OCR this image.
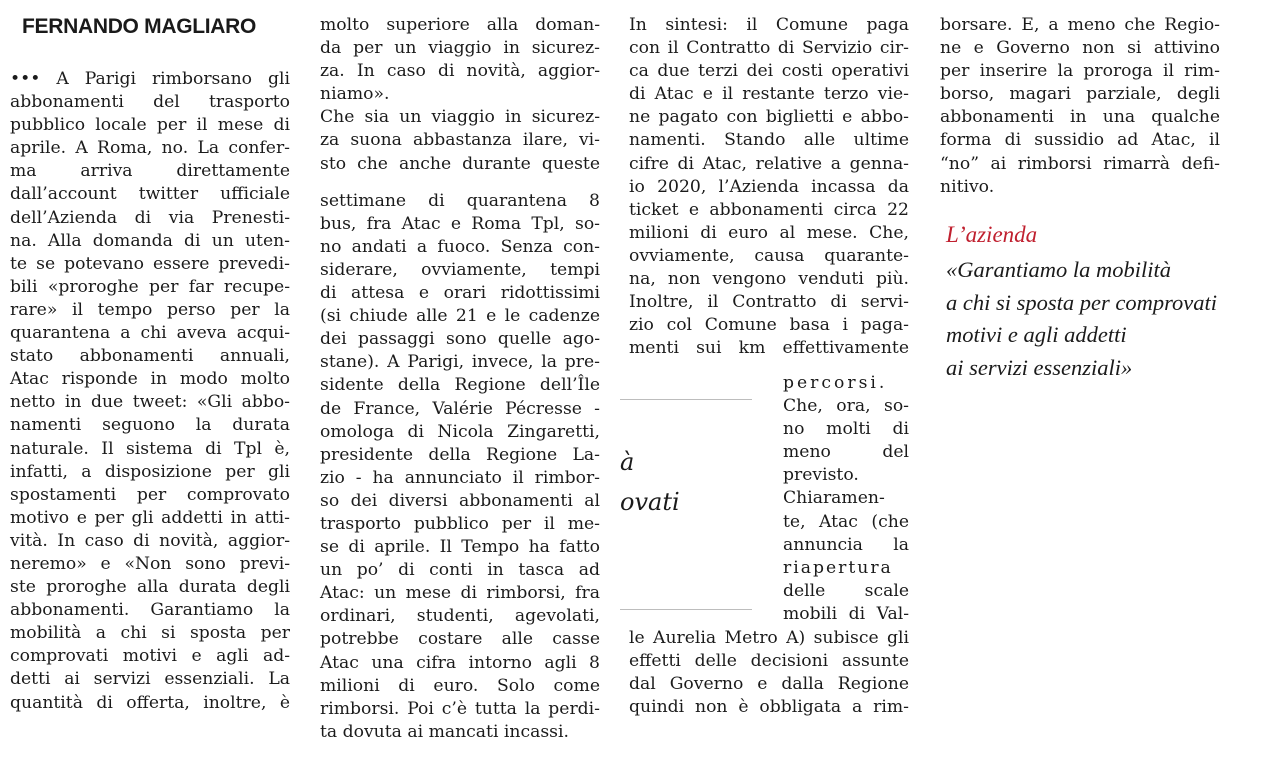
FERNANDO MAGLIARO
••• A Parigi rimborsano gli
abbonamenti del trasporto
pubblico locale per il mese di
aprile. A Roma, no. La confer-
ma arriva direttamente
dall’account twitter ufficiale
dell’Azienda di via Prenesti-
na. Alla domanda di un uten-
te se potevano essere prevedi-
bili «proroghe per far recupe-
rare» il tempo perso per la
quarantena a chi aveva acqui-
stato abbonamenti annuali,
Atac risponde in modo molto
netto in due tweet: «Gli abbo-
namenti seguono la durata
naturale. Il sistema di Tpl è,
infatti, a disposizione per gli
spostamenti per comprovato
motivo e per gli addetti in atti-
vità. In caso di novità, aggior-
neremo» e «Non sono previ-
ste proroghe alla durata degli
abbonamenti. Garantiamo la
mobilità a chi si sposta per
comprovati motivi e agli ad-
detti ai servizi essenziali. La
quantità di offerta, inoltre, è
molto superiore alla doman-
da per un viaggio in sicurez-
za. In caso di novità, aggior-
niamo».
Che sia un viaggio in sicurez-
za suona abbastanza ilare, vi-
sto che anche durante queste
settimane di quarantena 8
bus, fra Atac e Roma Tpl, so-
no andati a fuoco. Senza con-
siderare, ovviamente, tempi
di attesa e orari ridottissimi
(si chiude alle 21 e le cadenze
dei passaggi sono quelle ago-
stane). A Parigi, invece, la pre-
sidente della Regione dell’Île
de France, Valérie Pécresse -
omologa di Nicola Zingaretti,
presidente della Regione La-
zio - ha annunciato il rimbor-
so dei diversi abbonamenti al
trasporto pubblico per il me-
se di aprile. Il Tempo ha fatto
un po’ di conti in tasca ad
Atac: un mese di rimborsi, fra
ordinari, studenti, agevolati,
potrebbe costare alle casse
Atac una cifra intorno agli 8
milioni di euro. Solo come
rimborsi. Poi c’è tutta la perdi-
ta dovuta ai mancati incassi.
In sintesi: il Comune paga
con il Contratto di Servizio cir-
ca due terzi dei costi operativi
di Atac e il restante terzo vie-
ne pagato con biglietti e abbo-
namenti. Stando alle ultime
cifre di Atac, relative a genna-
io 2020, l’Azienda incassa da
ticket e abbonamenti circa 22
milioni di euro al mese. Che,
ovviamente, causa quarante-
na, non vengono venduti più.
Inoltre, il Contratto di servi-
zio col Comune basa i paga-
menti sui km effettivamente
percorsi.
Che, ora, so-
no molti di
meno del
previsto.
Chiaramen-
te, Atac (che
annuncia la
riapertura
delle scale
mobili di Val-
le Aurelia Metro A) subisce gli
effetti delle decisioni assunte
dal Governo e dalla Regione
quindi non è obbligata a rim-
à
ovati
borsare. E, a meno che Regio-
ne e Governo non si attivino
per inserire la proroga il rim-
borso, magari parziale, degli
abbonamenti in una qualche
forma di sussidio ad Atac, il
“no” ai rimborsi rimarrà defi-
nitivo.
L’azienda
«Garantiamo la mobilità
a chi si sposta per comprovati
motivi e agli addetti
ai servizi essenziali»
